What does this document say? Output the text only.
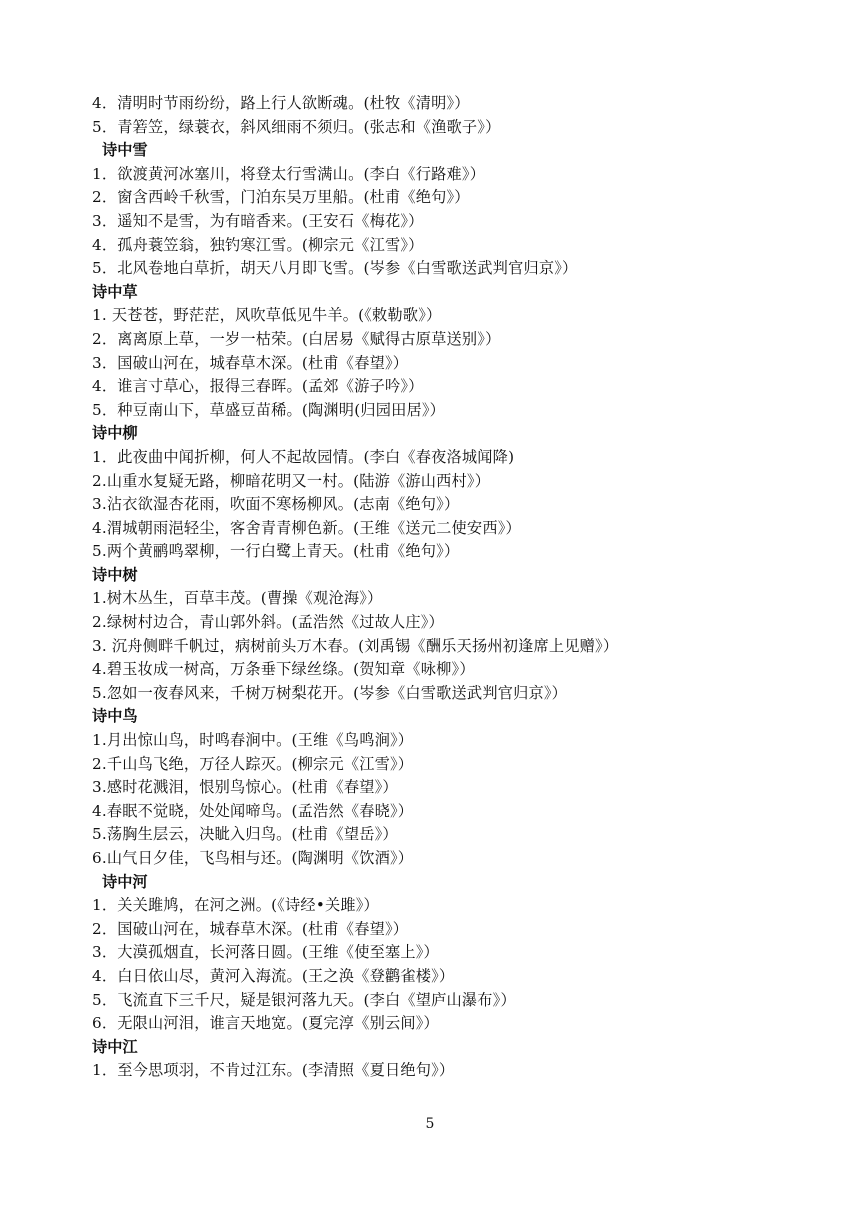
4．清明时节雨纷纷，路上行人欲断魂。(杜牧《清明》）
5．青箬笠，绿蓑衣，斜风细雨不须归。(张志和《渔歌子》）
诗中雪
1．欲渡黄河冰塞川，将登太行雪满山。(李白《行路难》）
2．窗含西岭千秋雪，门泊东吴万里船。(杜甫《绝句》）
3．遥知不是雪，为有暗香来。(王安石《梅花》）
4．孤舟蓑笠翁，独钓寒江雪。(柳宗元《江雪》）
5．北风卷地白草折，胡天八月即飞雪。(岑参《白雪歌送武判官归京》）
诗中草
1. 天苍苍，野茫茫，风吹草低见牛羊。(《敕勒歌》）
2．离离原上草，一岁一枯荣。(白居易《赋得古原草送别》）
3．国破山河在，城春草木深。(杜甫《春望》）
4．谁言寸草心，报得三春晖。(孟郊《游子吟》）
5．种豆南山下，草盛豆苗稀。(陶渊明(归园田居》）
诗中柳
1．此夜曲中闻折柳，何人不起故园情。(李白《春夜洛城闻降)
2.山重水复疑无路，柳暗花明又一村。(陆游《游山西村》）
3.沾衣欲湿杏花雨，吹面不寒杨柳风。(志南《绝句》）
4.渭城朝雨浥轻尘，客舍青青柳色新。(王维《送元二使安西》）
5.两个黄鹂鸣翠柳，一行白鹭上青天。(杜甫《绝句》）
诗中树
1.树木丛生，百草丰茂。(曹操《观沧海》）
2.绿树村边合，青山郭外斜。(孟浩然《过故人庄》）
3. 沉舟侧畔千帆过，病树前头万木春。(刘禹锡《酬乐天扬州初逢席上见赠》）
4.碧玉妆成一树高，万条垂下绿丝绦。(贺知章《咏柳》）
5.忽如一夜春风来，千树万树梨花开。(岑参《白雪歌送武判官归京》）
诗中鸟
1.月出惊山鸟，时鸣春涧中。(王维《鸟鸣涧》）
2.千山鸟飞绝，万径人踪灭。(柳宗元《江雪》）
3.感时花溅泪，恨别鸟惊心。(杜甫《春望》）
4.春眠不觉晓，处处闻啼鸟。(孟浩然《春晓》）
5.荡胸生层云，决眦入归鸟。(杜甫《望岳》）
6.山气日夕佳，飞鸟相与还。(陶渊明《饮酒》）
诗中河
1．关关雎鸠，在河之洲。(《诗经•关雎》）
2．国破山河在，城春草木深。(杜甫《春望》）
3．大漠孤烟直，长河落日圆。(王维《使至塞上》）
4．白日依山尽，黄河入海流。(王之涣《登鹳雀楼》）
5．飞流直下三千尺，疑是银河落九天。(李白《望庐山瀑布》）
6．无限山河泪，谁言天地宽。(夏完淳《别云间》）
诗中江
1．至今思项羽，不肯过江东。(李清照《夏日绝句》）
5
